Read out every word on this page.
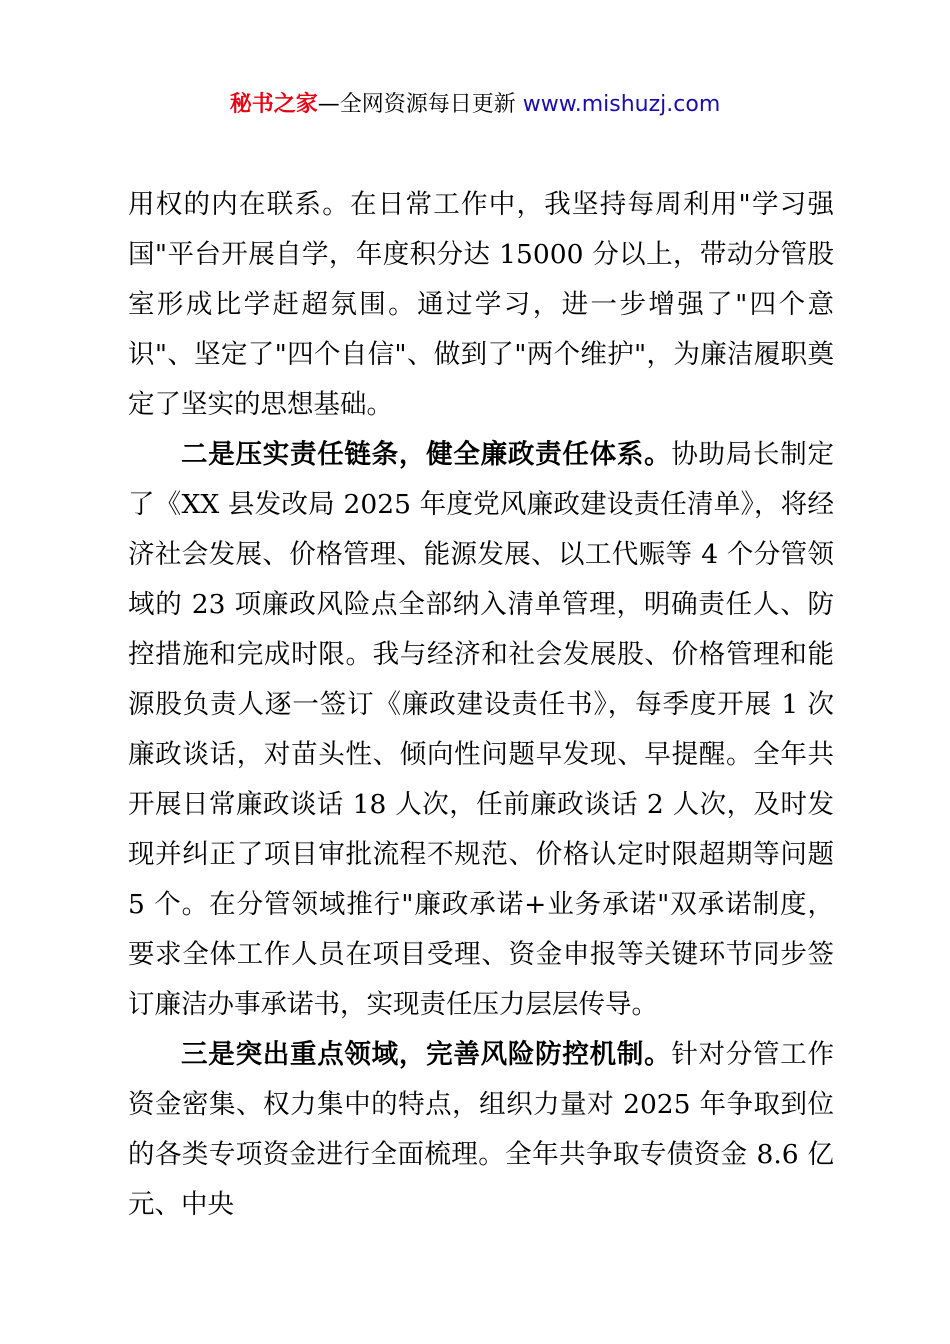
秘书之家—全网资源每日更新 www.mishuzj.com

用权的内在联系。在日常工作中，我坚持每周利用"学习强国"平台开展自学，年度积分达 15000 分以上，带动分管股室形成比学赶超氛围。通过学习，进一步增强了"四个意识"、坚定了"四个自信"、做到了"两个维护"，为廉洁履职奠定了坚实的思想基础。

二是压实责任链条，健全廉政责任体系。协助局长制定了《XX 县发改局 2025 年度党风廉政建设责任清单》，将经济社会发展、价格管理、能源发展、以工代赈等 4 个分管领域的 23 项廉政风险点全部纳入清单管理，明确责任人、防控措施和完成时限。我与经济和社会发展股、价格管理和能源股负责人逐一签订《廉政建设责任书》，每季度开展 1 次廉政谈话，对苗头性、倾向性问题早发现、早提醒。全年共开展日常廉政谈话 18 人次，任前廉政谈话 2 人次，及时发现并纠正了项目审批流程不规范、价格认定时限超期等问题 5 个。在分管领域推行"廉政承诺+业务承诺"双承诺制度，要求全体工作人员在项目受理、资金申报等关键环节同步签订廉洁办事承诺书，实现责任压力层层传导。

三是突出重点领域，完善风险防控机制。针对分管工作资金密集、权力集中的特点，组织力量对 2025 年争取到位的各类专项资金进行全面梳理。全年共争取专债资金 8.6 亿元、中央
